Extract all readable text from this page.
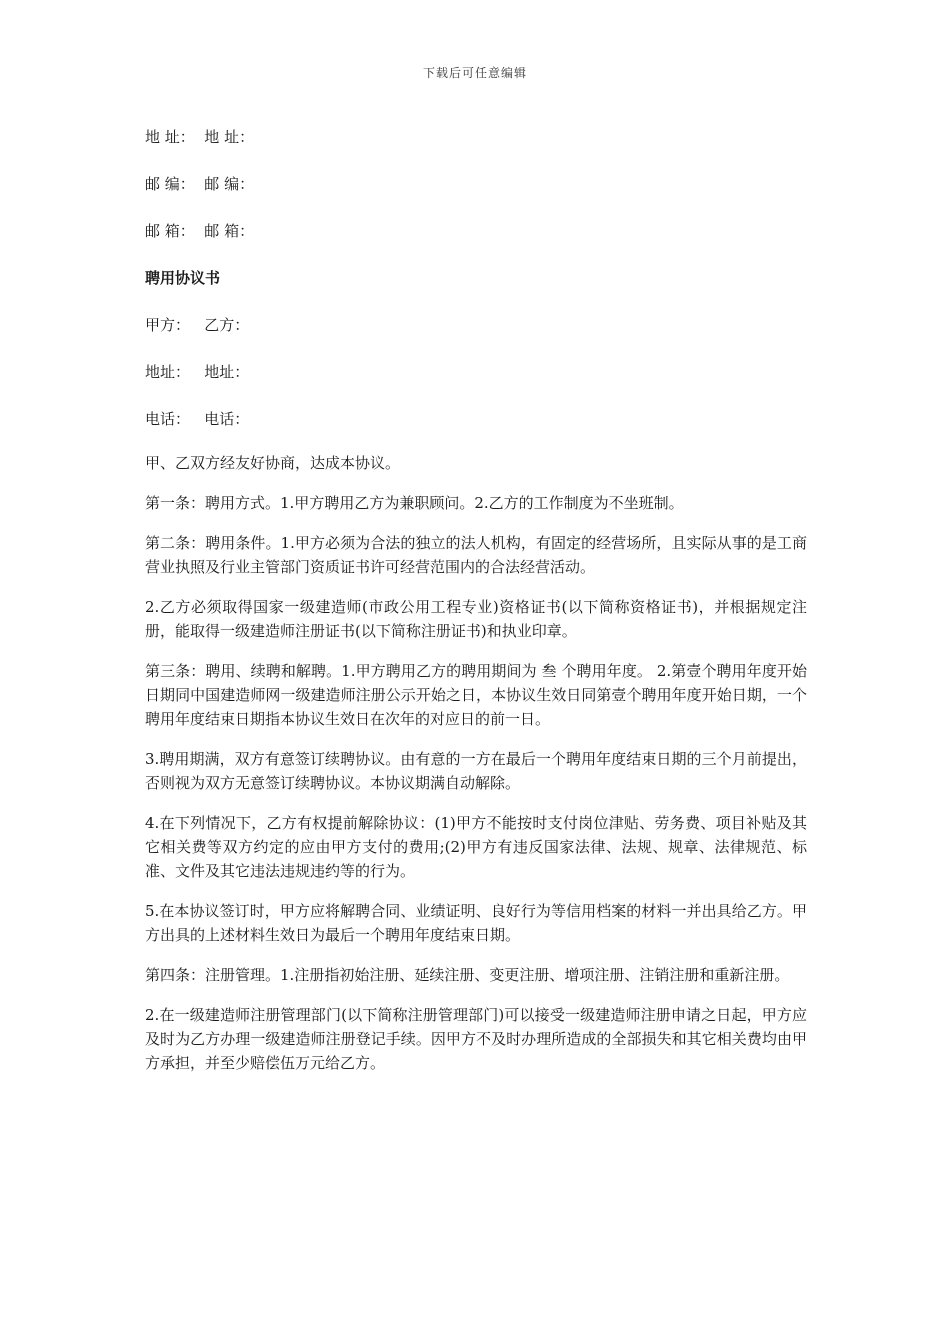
下载后可任意编辑

地 址：  地 址：

邮 编：  邮 编：

邮 箱：  邮 箱：

聘用协议书

甲方：   乙方：

地址：   地址：

电话：   电话：

甲、乙双方经友好协商，达成本协议。

第一条：聘用方式。1.甲方聘用乙方为兼职顾问。2.乙方的工作制度为不坐班制。

第二条：聘用条件。1.甲方必须为合法的独立的法人机构，有固定的经营场所，且实际从事的是工商营业执照及行业主管部门资质证书许可经营范围内的合法经营活动。

2.乙方必须取得国家一级建造师(市政公用工程专业)资格证书(以下简称资格证书)，并根据规定注册，能取得一级建造师注册证书(以下简称注册证书)和执业印章。

第三条：聘用、续聘和解聘。1.甲方聘用乙方的聘用期间为 叁 个聘用年度。 2.第壹个聘用年度开始日期同中国建造师网一级建造师注册公示开始之日，本协议生效日同第壹个聘用年度开始日期，一个聘用年度结束日期指本协议生效日在次年的对应日的前一日。

3.聘用期满，双方有意签订续聘协议。由有意的一方在最后一个聘用年度结束日期的三个月前提出，否则视为双方无意签订续聘协议。本协议期满自动解除。

4.在下列情况下，乙方有权提前解除协议：(1)甲方不能按时支付岗位津贴、劳务费、项目补贴及其它相关费等双方约定的应由甲方支付的费用;(2)甲方有违反国家法律、法规、规章、法律规范、标准、文件及其它违法违规违约等的行为。

5.在本协议签订时，甲方应将解聘合同、业绩证明、良好行为等信用档案的材料一并出具给乙方。甲方出具的上述材料生效日为最后一个聘用年度结束日期。

第四条：注册管理。1.注册指初始注册、延续注册、变更注册、增项注册、注销注册和重新注册。

2.在一级建造师注册管理部门(以下简称注册管理部门)可以接受一级建造师注册申请之日起，甲方应及时为乙方办理一级建造师注册登记手续。因甲方不及时办理所造成的全部损失和其它相关费均由甲方承担，并至少赔偿伍万元给乙方。
